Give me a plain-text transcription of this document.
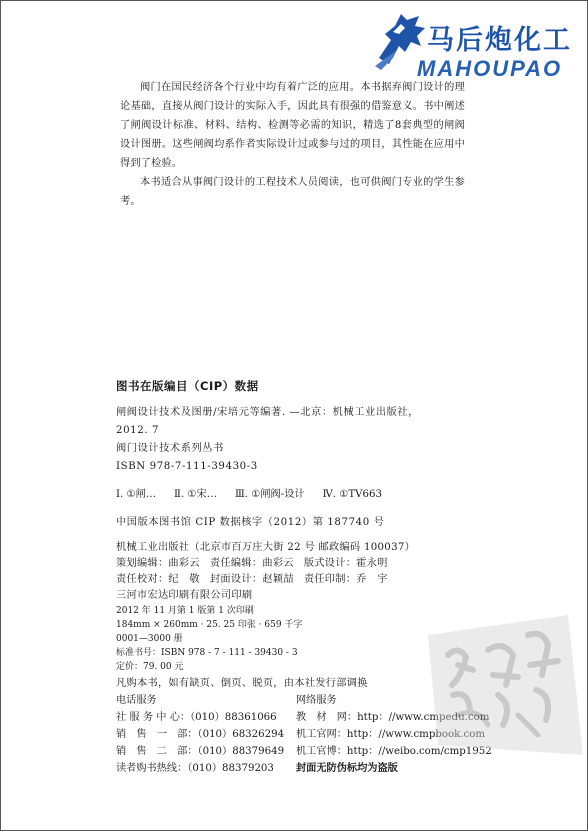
马后炮化工
MAHOUPAO

阀门在国民经济各个行业中均有着广泛的应用。本书据弃阀门设计的理论基础，直接从阀门设计的实际入手，因此具有很强的借鉴意义。书中阐述了闸阀设计标准、材料、结构、检测等必需的知识，精选了8套典型的闸阀设计图册。这些闸阀均系作者实际设计过或参与过的项目，其性能在应用中得到了检验。

本书适合从事阀门设计的工程技术人员阅读，也可供阀门专业的学生参考。

图书在版编目（CIP）数据
闸阀设计技术及图册/宋培元等编著. —北京：机械工业出版社，
2012. 7
阀门设计技术系列丛书
ISBN 978-7-111-39430-3
Ⅰ. ①闸… Ⅱ. ①宋… Ⅲ. ①闸阀-设计 Ⅳ. ①TV663
中国版本图书馆 CIP 数据核字（2012）第 187740 号
机械工业出版社（北京市百万庄大街 22 号 邮政编码 100037）
策划编辑：曲彩云 责任编辑：曲彩云 版式设计：霍永明
责任校对：纪　敬 封面设计：赵颖喆 责任印制：乔　宇
三河市宏达印刷有限公司印刷
2012 年 11 月第 1 版第 1 次印刷
184mm × 260mm · 25. 25 印张 · 659 千字
0001—3000 册
标准书号：ISBN 978 - 7 - 111 - 39430 - 3
定价：79. 00 元
凡购本书，如有缺页、倒页、脱页，由本社发行部调换
电话服务	网络服务
社 服 务 中 心：（010）88361066	教　材　网：http：//www.cmpedu.com
销　售　一　部：（010）68326294	机工官网：http：//www.cmpbook.com
销　售　二　部：（010）88379649	机工官博：http：//weibo.com/cmp1952
读者购书热线：（010）88379203	封面无防伪标均为盗版
